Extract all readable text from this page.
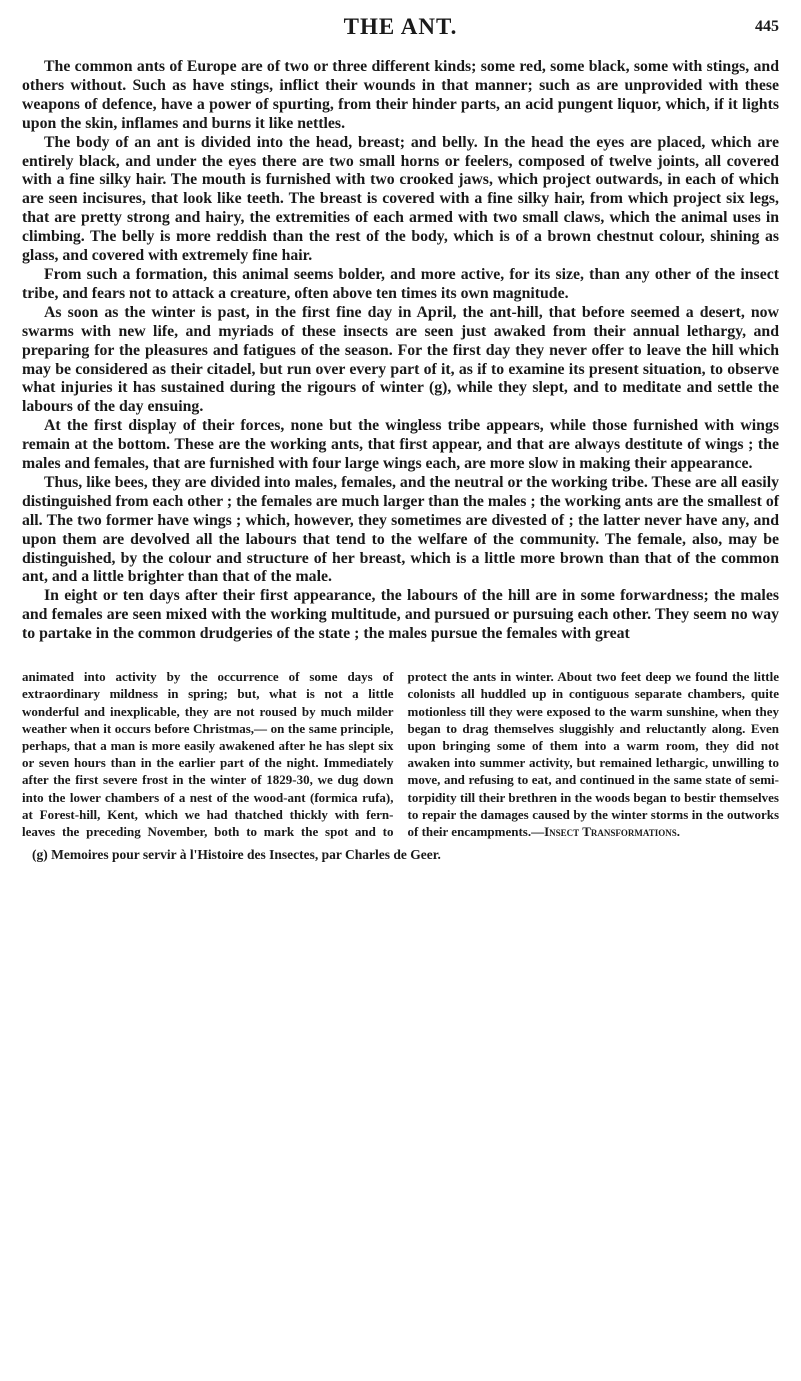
THE ANT.	445

The common ants of Europe are of two or three different kinds; some red, some black, some with stings, and others without. Such as have stings, inflict their wounds in that manner; such as are unprovided with these weapons of defence, have a power of spurting, from their hinder parts, an acid pungent liquor, which, if it lights upon the skin, inflames and burns it like nettles.

The body of an ant is divided into the head, breast; and belly. In the head the eyes are placed, which are entirely black, and under the eyes there are two small horns or feelers, composed of twelve joints, all covered with a fine silky hair. The mouth is furnished with two crooked jaws, which project outwards, in each of which are seen incisures, that look like teeth. The breast is covered with a fine silky hair, from which project six legs, that are pretty strong and hairy, the extremities of each armed with two small claws, which the animal uses in climbing. The belly is more reddish than the rest of the body, which is of a brown chestnut colour, shining as glass, and covered with extremely fine hair.

From such a formation, this animal seems bolder, and more active, for its size, than any other of the insect tribe, and fears not to attack a creature, often above ten times its own magnitude.

As soon as the winter is past, in the first fine day in April, the ant-hill, that before seemed a desert, now swarms with new life, and myriads of these insects are seen just awaked from their annual lethargy, and preparing for the pleasures and fatigues of the season. For the first day they never offer to leave the hill which may be considered as their citadel, but run over every part of it, as if to examine its present situation, to observe what injuries it has sustained during the rigours of winter (g), while they slept, and to meditate and settle the labours of the day ensuing.

At the first display of their forces, none but the wingless tribe appears, while those furnished with wings remain at the bottom. These are the working ants, that first appear, and that are always destitute of wings ; the males and females, that are furnished with four large wings each, are more slow in making their appearance.

Thus, like bees, they are divided into males, females, and the neutral or the working tribe. These are all easily distinguished from each other ; the females are much larger than the males ; the working ants are the smallest of all. The two former have wings ; which, however, they sometimes are divested of ; the latter never have any, and upon them are devolved all the labours that tend to the welfare of the community. The female, also, may be distinguished, by the colour and structure of her breast, which is a little more brown than that of the common ant, and a little brighter than that of the male.

In eight or ten days after their first appearance, the labours of the hill are in some forwardness; the males and females are seen mixed with the working multitude, and pursued or pursuing each other. They seem no way to partake in the common drudgeries of the state ; the males pursue the females with great

animated into activity by the occurrence of some days of extraordinary mildness in spring; but, what is not a little wonderful and inexplicable, they are not roused by much milder weather when it occurs before Christmas,— on the same principle, perhaps, that a man is more easily awakened after he has slept six or seven hours than in the earlier part of the night. Immediately after the first severe frost in the winter of 1829-30, we dug down into the lower chambers of a nest of the wood-ant (formica rufa), at Forest-hill, Kent, which we had thatched thickly with fern-leaves the preceding November, both to mark the spot and to protect the ants in winter. About two feet deep we found the little colonists all huddled up in contiguous separate chambers, quite motionless till they were exposed to the warm sunshine, when they began to drag themselves sluggishly and reluctantly along. Even upon bringing some of them into a warm room, they did not awaken into summer activity, but remained lethargic, unwilling to move, and refusing to eat, and continued in the same state of semi-torpidity till their brethren in the woods began to bestir themselves to repair the damages caused by the winter storms in the outworks of their encampments.—Insect Transformations.

(g) Memoires pour servir à l'Histoire des Insectes, par Charles de Geer.
